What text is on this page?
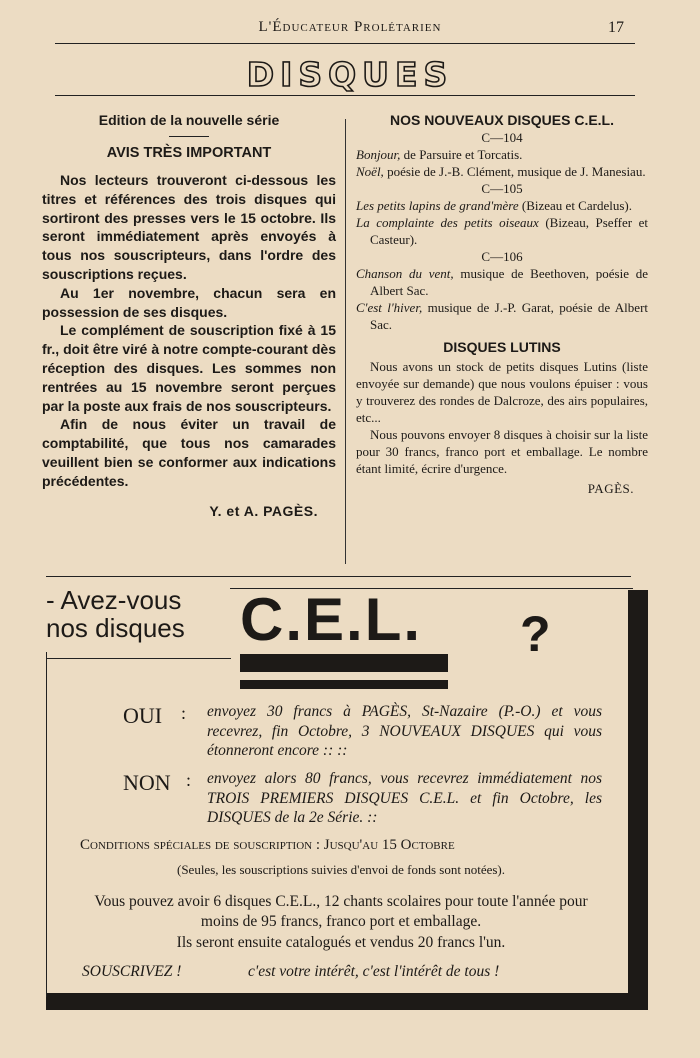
L'Éducateur Prolétarien	17
DISQUES
Edition de la nouvelle série
AVIS TRÈS IMPORTANT

Nos lecteurs trouveront ci-dessous les titres et références des trois disques qui sortiront des presses vers le 15 octobre. Ils seront immédiatement après envoyés à tous nos souscripteurs, dans l'ordre des souscriptions reçues.

Au 1er novembre, chacun sera en possession de ses disques.

Le complément de souscription fixé à 15 fr., doit être viré à notre compte-courant dès réception des disques. Les sommes non rentrées au 15 novembre seront perçues par la poste aux frais de nos souscripteurs.

Afin de nous éviter un travail de comptabilité, que tous nos camarades veuillent bien se conformer aux indications précédentes.

Y. et A. PAGÈS.
NOS NOUVEAUX DISQUES C.E.L.
C—104
Bonjour, de Parsuire et Torcatis.
Noël, poésie de J.-B. Clément, musique de J. Manesiau.
C—105
Les petits lapins de grand'mère (Bizeau et Cardelus).
La complainte des petits oiseaux (Bizeau, Pseffer et Casteur).
C—106
Chanson du vent, musique de Beethoven, poésie de Albert Sac.
C'est l'hiver, musique de J.-P. Garat, poésie de Albert Sac.
DISQUES LUTINS

Nous avons un stock de petits disques Lutins (liste envoyée sur demande) que nous voulons épuiser : vous y trouverez des rondes de Dalcroze, des airs populaires, etc...

Nous pouvons envoyer 8 disques à choisir sur la liste pour 30 francs, franco port et emballage. Le nombre étant limité, écrire d'urgence.

PAGÈS.
- Avez-vous
nos disques C.E.L. ?
OUI : envoyez 30 francs à PAGÈS, St-Nazaire (P.-O.) et vous recevrez, fin Octobre, 3 NOUVEAUX DISQUES qui vous étonneront encore :: ::
NON : envoyez alors 80 francs, vous recevrez immédiatement nos TROIS PREMIERS DISQUES C.E.L. et fin Octobre, les DISQUES de la 2e Série. ::
Conditions spéciales de souscription : Jusqu'au 15 Octobre
(Seules, les souscriptions suivies d'envoi de fonds sont notées).
Vous pouvez avoir 6 disques C.E.L., 12 chants scolaires pour toute l'année pour moins de 95 francs, franco port et emballage.
Ils seront ensuite catalogués et vendus 20 francs l'un.
SOUSCRIVEZ !	c'est votre intérêt, c'est l'intérêt de tous !
